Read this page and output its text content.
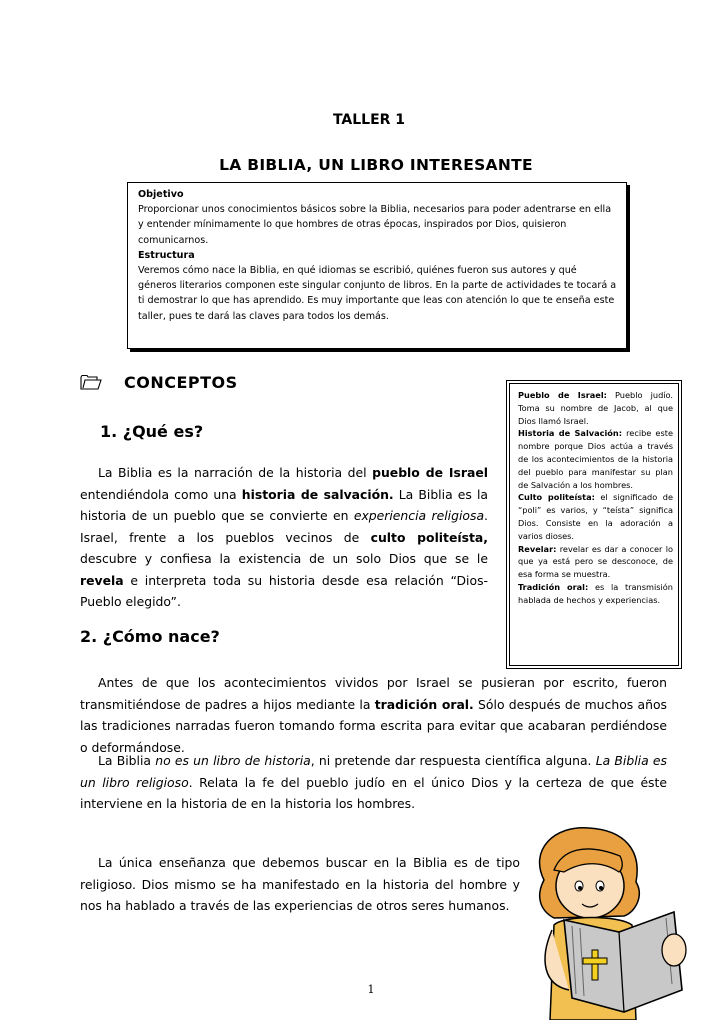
TALLER 1
LA BIBLIA, UN LIBRO INTERESANTE
Objetivo
Proporcionar unos conocimientos básicos sobre la Biblia, necesarios para poder adentrarse en ella y entender mínimamente lo que hombres de otras épocas, inspirados por Dios, quisieron comunicarnos.
Estructura
Veremos cómo nace la Biblia, en qué idiomas se escribió, quiénes fueron sus autores y qué géneros literarios componen este singular conjunto de libros. En la parte de actividades te tocará a ti demostrar lo que has aprendido. Es muy importante que leas con atención lo que te enseña este taller, pues te dará las claves para todos los demás.
CONCEPTOS
1. ¿Qué es?

La Biblia es la narración de la historia del pueblo de Israel entendiéndola como una historia de salvación. La Biblia es la historia de un pueblo que se convierte en experiencia religiosa. Israel, frente a los pueblos vecinos de culto politeísta, descubre y confiesa la existencia de un solo Dios que se le revela e interpreta toda su historia desde esa relación “Dios-Pueblo elegido”.

2. ¿Cómo nace?

Antes de que los acontecimientos vividos por Israel se pusieran por escrito, fueron transmitiéndose de padres a hijos mediante la tradición oral. Sólo después de muchos años las tradiciones narradas fueron tomando forma escrita para evitar que acabaran perdiéndose o deformándose.

La Biblia no es un libro de historia, ni pretende dar respuesta científica alguna. La Biblia es un libro religioso. Relata la fe del pueblo judío en el único Dios y la certeza de que éste interviene en la historia de en la historia los hombres.

La única enseñanza que debemos buscar en la Biblia es de tipo religioso. Dios mismo se ha manifestado en la historia del hombre y nos ha hablado a través de las experiencias de otros seres humanos.

Pueblo de Israel: Pueblo judío. Toma su nombre de Jacob, al que Dios llamó Israel.

Historia de Salvación: recibe este nombre porque Dios actúa a través de los acontecimientos de la historia del pueblo para manifestar su plan de Salvación a los hombres.

Culto politeísta: el significado de “poli” es varios, y “teísta” significa Dios. Consiste en la adoración a varios dioses.

Revelar: revelar es dar a conocer lo que ya está pero se desconoce, de esa forma se muestra.

Tradición oral: es la transmisión hablada de hechos y experiencias.

1
